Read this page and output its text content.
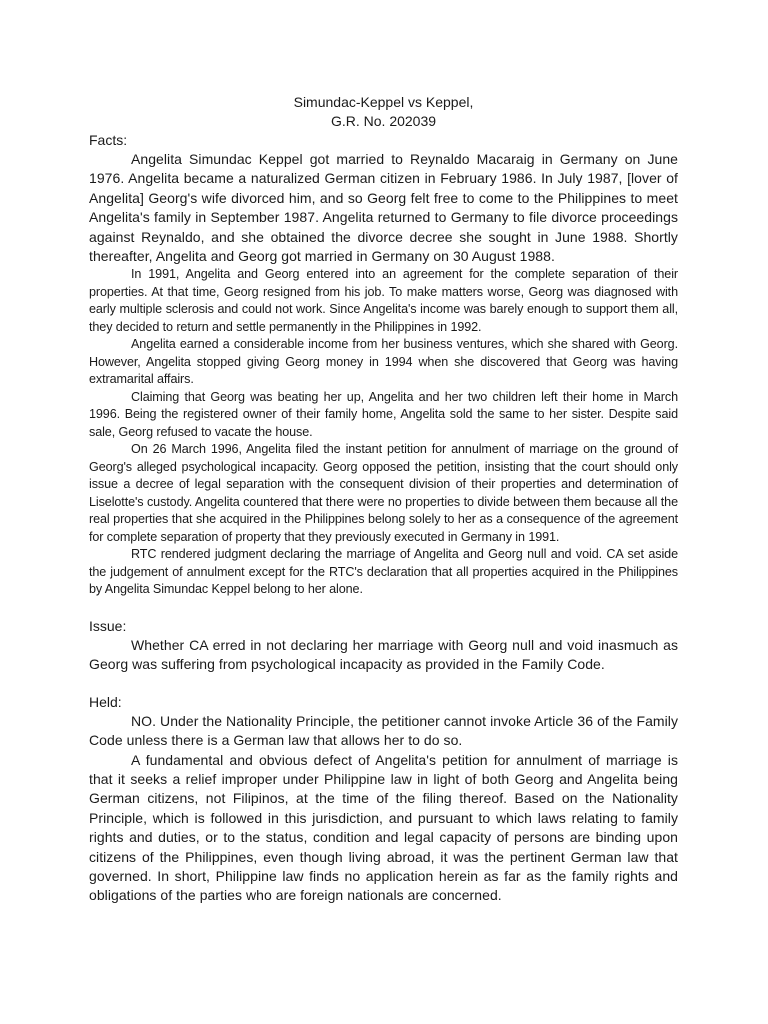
Simundac-Keppel vs Keppel,

G.R. No. 202039

Facts:

Angelita Simundac Keppel got married to Reynaldo Macaraig in Germany on June 1976. Angelita became a naturalized German citizen in February 1986. In July 1987, [lover of Angelita] Georg's wife divorced him, and so Georg felt free to come to the Philippines to meet Angelita's family in September 1987. Angelita returned to Germany to file divorce proceedings against Reynaldo, and she obtained the divorce decree she sought in June 1988. Shortly thereafter, Angelita and Georg got married in Germany on 30 August 1988.

In 1991, Angelita and Georg entered into an agreement for the complete separation of their properties. At that time, Georg resigned from his job. To make matters worse, Georg was diagnosed with early multiple sclerosis and could not work. Since Angelita's income was barely enough to support them all, they decided to return and settle permanently in the Philippines in 1992.

Angelita earned a considerable income from her business ventures, which she shared with Georg. However, Angelita stopped giving Georg money in 1994 when she discovered that Georg was having extramarital affairs.

Claiming that Georg was beating her up, Angelita and her two children left their home in March 1996. Being the registered owner of their family home, Angelita sold the same to her sister. Despite said sale, Georg refused to vacate the house.

On 26 March 1996, Angelita filed the instant petition for annulment of marriage on the ground of Georg's alleged psychological incapacity. Georg opposed the petition, insisting that the court should only issue a decree of legal separation with the consequent division of their properties and determination of Liselotte's custody. Angelita countered that there were no properties to divide between them because all the real properties that she acquired in the Philippines belong solely to her as a consequence of the agreement for complete separation of property that they previously executed in Germany in 1991.

RTC rendered judgment declaring the marriage of Angelita and Georg null and void. CA set aside the judgement of annulment except for the RTC's declaration that all properties acquired in the Philippines by Angelita Simundac Keppel belong to her alone.

Issue:

Whether CA erred in not declaring her marriage with Georg null and void inasmuch as Georg was suffering from psychological incapacity as provided in the Family Code.

Held:

NO. Under the Nationality Principle, the petitioner cannot invoke Article 36 of the Family Code unless there is a German law that allows her to do so.

A fundamental and obvious defect of Angelita's petition for annulment of marriage is that it seeks a relief improper under Philippine law in light of both Georg and Angelita being German citizens, not Filipinos, at the time of the filing thereof. Based on the Nationality Principle, which is followed in this jurisdiction, and pursuant to which laws relating to family rights and duties, or to the status, condition and legal capacity of persons are binding upon citizens of the Philippines, even though living abroad, it was the pertinent German law that governed. In short, Philippine law finds no application herein as far as the family rights and obligations of the parties who are foreign nationals are concerned.
